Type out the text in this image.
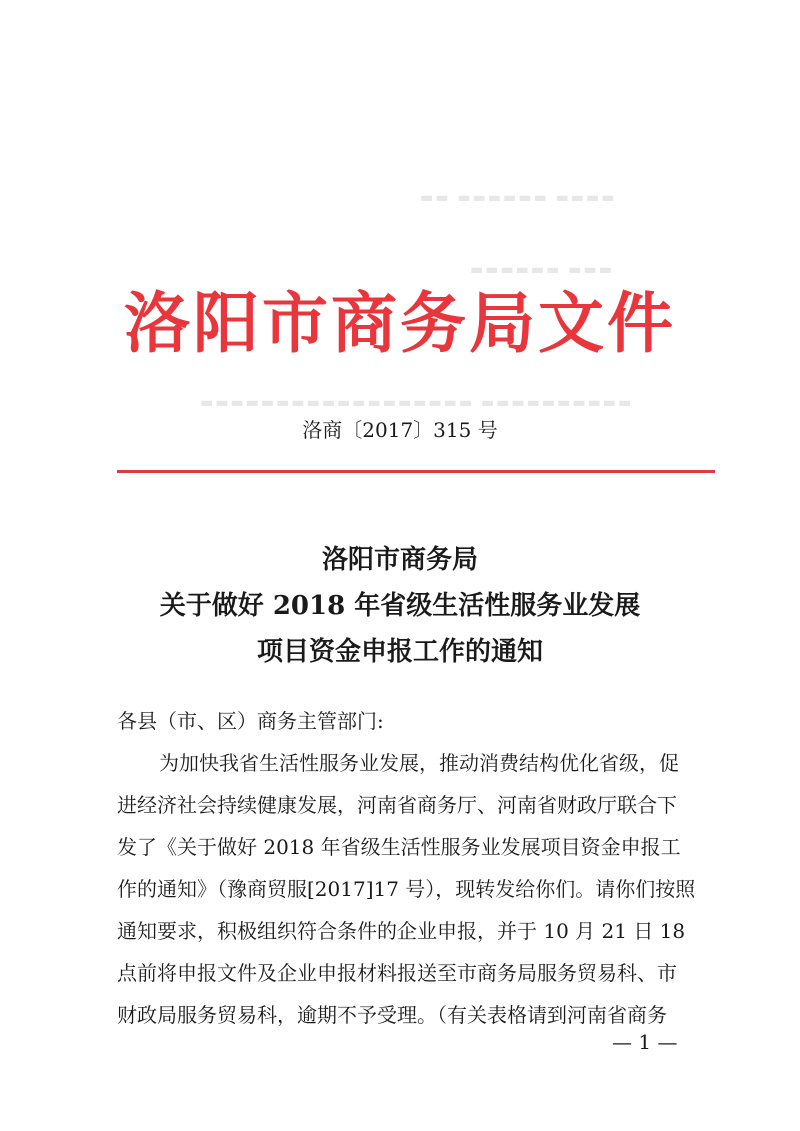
▬▬ ▬▬▬▬▬▬ ▬▬▬▬
▬▬▬▬▬▬ ▬▬▬
▬▬▬▬▬▬▬▬▬▬▬▬▬▬▬▬▬▬ ▬▬▬▬▬▬▬▬▬▬
洛阳市商务局文件
洛商〔2017〕315 号
洛阳市商务局
关于做好 2018 年省级生活性服务业发展
项目资金申报工作的通知

各县（市、区）商务主管部门:

为加快我省生活性服务业发展，推动消费结构优化省级，促

进经济社会持续健康发展，河南省商务厅、河南省财政厅联合下

发了《关于做好 2018 年省级生活性服务业发展项目资金申报工

作的通知》（豫商贸服[2017]17 号），现转发给你们。请你们按照

通知要求，积极组织符合条件的企业申报，并于 10 月 21 日 18

点前将申报文件及企业申报材料报送至市商务局服务贸易科、市

财政局服务贸易科，逾期不予受理。（有关表格请到河南省商务

— 1 —
